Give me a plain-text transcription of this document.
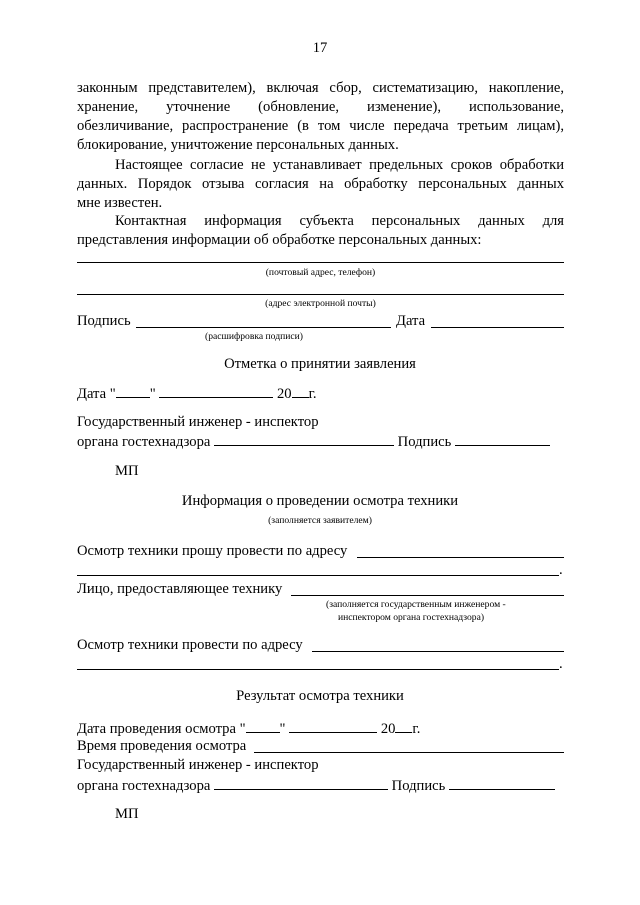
17
законным представителем), включая сбор, систематизацию, накопление,
хранение, уточнение (обновление, изменение), использование,
обезличивание, распространение (в том числе передача третьим лицам),
блокирование, уничтожение персональных данных.
Настоящее согласие не устанавливает предельных сроков обработки
данных. Порядок отзыва согласия на обработку персональных данных
мне известен.
Контактная информация субъекта персональных данных для
представления информации об обработке персональных данных:
(почтовый адрес, телефон)
(адрес электронной почты)
Подпись	Дата
(расшифровка подписи)
Отметка о принятии заявления
Дата " "	20 г.
Государственный инженер - инспектор
органа гостехнадзора	Подпись
МП
Информация о проведении осмотра техники
(заполняется заявителем)
Осмотр техники прошу провести по адресу
.
Лицо, предоставляющее технику
(заполняется государственным инженером -
инспектором органа гостехнадзора)
Осмотр техники провести по адресу
.
Результат осмотра техники
Дата проведения осмотра " "	20 г.
Время проведения осмотра
Государственный инженер - инспектор
органа гостехнадзора	Подпись
МП
